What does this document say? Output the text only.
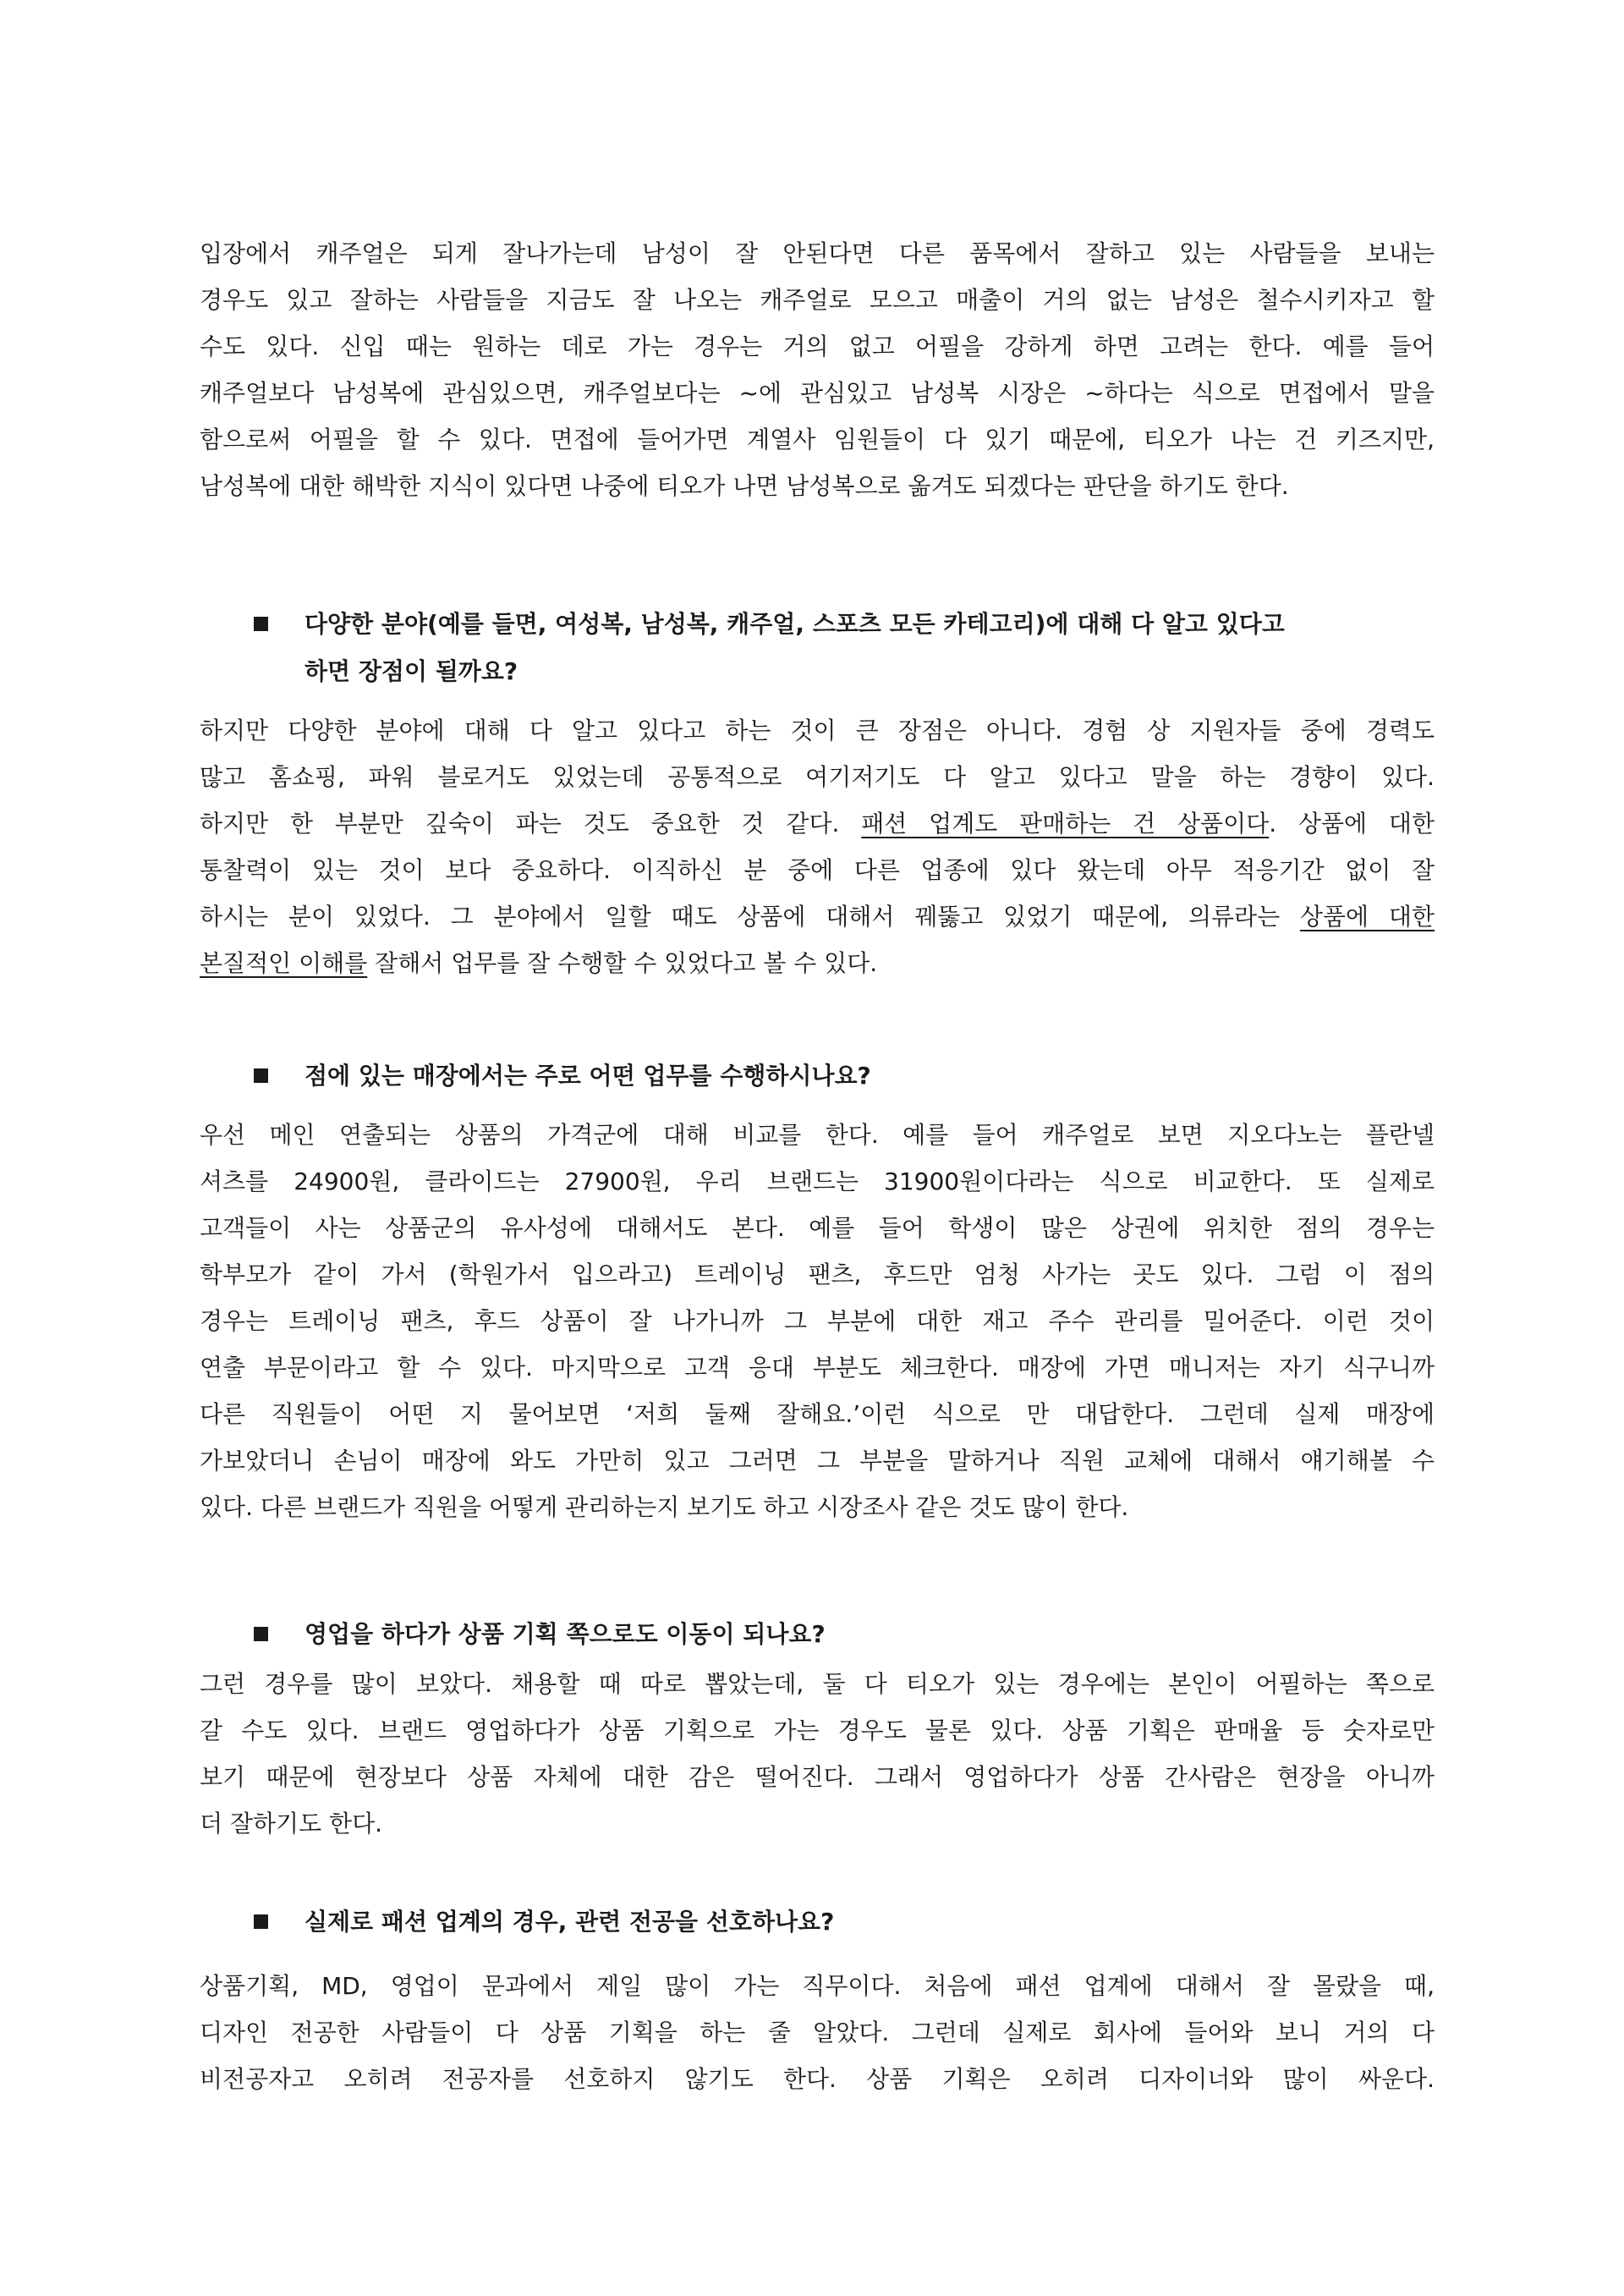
입장에서 캐주얼은 되게 잘나가는데 남성이 잘 안된다면 다른 품목에서 잘하고 있는 사람들을 보내는
경우도 있고 잘하는 사람들을 지금도 잘 나오는 캐주얼로 모으고 매출이 거의 없는 남성은 철수시키자고 할
수도 있다. 신입 때는 원하는 데로 가는 경우는 거의 없고 어필을 강하게 하면 고려는 한다. 예를 들어
캐주얼보다 남성복에 관심있으면, 캐주얼보다는 ~에 관심있고 남성복 시장은 ~하다는 식으로 면접에서 말을
함으로써 어필을 할 수 있다. 면접에 들어가면 계열사 임원들이 다 있기 때문에, 티오가 나는 건 키즈지만,
남성복에 대한 해박한 지식이 있다면 나중에 티오가 나면 남성복으로 옮겨도 되겠다는 판단을 하기도 한다.
다양한 분야(예를 들면, 여성복, 남성복, 캐주얼, 스포츠 모든 카테고리)에 대해 다 알고 있다고
하면 장점이 될까요?
하지만 다양한 분야에 대해 다 알고 있다고 하는 것이 큰 장점은 아니다. 경험 상 지원자들 중에 경력도
많고 홈쇼핑, 파워 블로거도 있었는데 공통적으로 여기저기도 다 알고 있다고 말을 하는 경향이 있다.
하지만 한 부분만 깊숙이 파는 것도 중요한 것 같다. 패션 업계도 판매하는 건 상품이다. 상품에 대한
통찰력이 있는 것이 보다 중요하다. 이직하신 분 중에 다른 업종에 있다 왔는데 아무 적응기간 없이 잘
하시는 분이 있었다. 그 분야에서 일할 때도 상품에 대해서 꿰뚫고 있었기 때문에, 의류라는 상품에 대한
본질적인 이해를 잘해서 업무를 잘 수행할 수 있었다고 볼 수 있다.
점에 있는 매장에서는 주로 어떤 업무를 수행하시나요?
우선 메인 연출되는 상품의 가격군에 대해 비교를 한다. 예를 들어 캐주얼로 보면 지오다노는 플란넬
셔츠를 24900원, 클라이드는 27900원, 우리 브랜드는 31900원이다라는 식으로 비교한다. 또 실제로
고객들이 사는 상품군의 유사성에 대해서도 본다. 예를 들어 학생이 많은 상권에 위치한 점의 경우는
학부모가 같이 가서 (학원가서 입으라고) 트레이닝 팬츠, 후드만 엄청 사가는 곳도 있다. 그럼 이 점의
경우는 트레이닝 팬츠, 후드 상품이 잘 나가니까 그 부분에 대한 재고 주수 관리를 밀어준다. 이런 것이
연출 부문이라고 할 수 있다. 마지막으로 고객 응대 부분도 체크한다. 매장에 가면 매니저는 자기 식구니까
다른 직원들이 어떤 지 물어보면 ‘저희 둘째 잘해요.’이런 식으로 만 대답한다. 그런데 실제 매장에
가보았더니 손님이 매장에 와도 가만히 있고 그러면 그 부분을 말하거나 직원 교체에 대해서 얘기해볼 수
있다. 다른 브랜드가 직원을 어떻게 관리하는지 보기도 하고 시장조사 같은 것도 많이 한다.
영업을 하다가 상품 기획 쪽으로도 이동이 되나요?
그런 경우를 많이 보았다. 채용할 때 따로 뽑았는데, 둘 다 티오가 있는 경우에는 본인이 어필하는 쪽으로
갈 수도 있다. 브랜드 영업하다가 상품 기획으로 가는 경우도 물론 있다. 상품 기획은 판매율 등 숫자로만
보기 때문에 현장보다 상품 자체에 대한 감은 떨어진다. 그래서 영업하다가 상품 간사람은 현장을 아니까
더 잘하기도 한다.
실제로 패션 업계의 경우, 관련 전공을 선호하나요?
상품기획, MD, 영업이 문과에서 제일 많이 가는 직무이다. 처음에 패션 업계에 대해서 잘 몰랐을 때,
디자인 전공한 사람들이 다 상품 기획을 하는 줄 알았다. 그런데 실제로 회사에 들어와 보니 거의 다
비전공자고 오히려 전공자를 선호하지 않기도 한다. 상품 기획은 오히려 디자이너와 많이 싸운다.
